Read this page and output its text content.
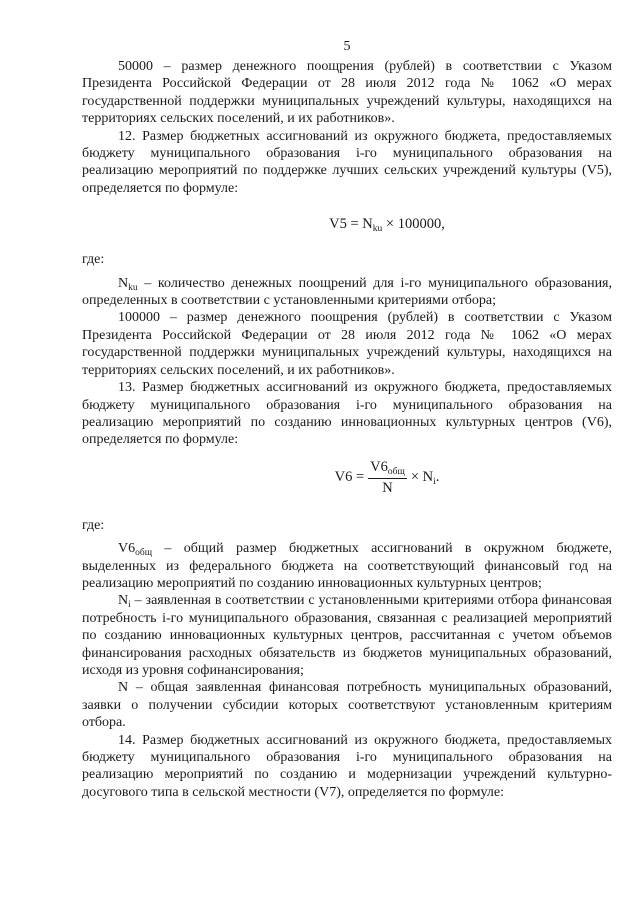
5

50000 – размер денежного поощрения (рублей) в соответствии с Указом Президента Российской Федерации от 28 июля 2012 года № 1062 «О мерах государственной поддержки муниципальных учреждений культуры, находящихся на территориях сельских поселений, и их работников».

12. Размер бюджетных ассигнований из окружного бюджета, предоставляемых бюджету муниципального образования i-го муниципального образования на реализацию мероприятий по поддержке лучших сельских учреждений культуры (V5), определяется по формуле:

$V5 = N_{ku} \times 100000$,

где:

$N_{ku}$ – количество денежных поощрений для i-го муниципального образования, определенных в соответствии с установленными критериями отбора;

100000 – размер денежного поощрения (рублей) в соответствии с Указом Президента Российской Федерации от 28 июля 2012 года № 1062 «О мерах государственной поддержки муниципальных учреждений культуры, находящихся на территориях сельских поселений, и их работников».

13. Размер бюджетных ассигнований из окружного бюджета, предоставляемых бюджету муниципального образования i-го муниципального образования на реализацию мероприятий по созданию инновационных культурных центров (V6), определяется по формуле:

$V6 = \frac{V6_{общ}}{N} \times N_i$.

где:

$V6_{общ}$ – общий размер бюджетных ассигнований в окружном бюджете, выделенных из федерального бюджета на соответствующий финансовый год на реализацию мероприятий по созданию инновационных культурных центров;

$N_i$ – заявленная в соответствии с установленными критериями отбора финансовая потребность i-го муниципального образования, связанная с реализацией мероприятий по созданию инновационных культурных центров, рассчитанная с учетом объемов финансирования расходных обязательств из бюджетов муниципальных образований, исходя из уровня софинансирования;

N – общая заявленная финансовая потребность муниципальных образований, заявки о получении субсидии которых соответствуют установленным критериям отбора.

14. Размер бюджетных ассигнований из окружного бюджета, предоставляемых бюджету муниципального образования i-го муниципального образования на реализацию мероприятий по созданию и модернизации учреждений культурно-досугового типа в сельской местности (V7), определяется по формуле:
